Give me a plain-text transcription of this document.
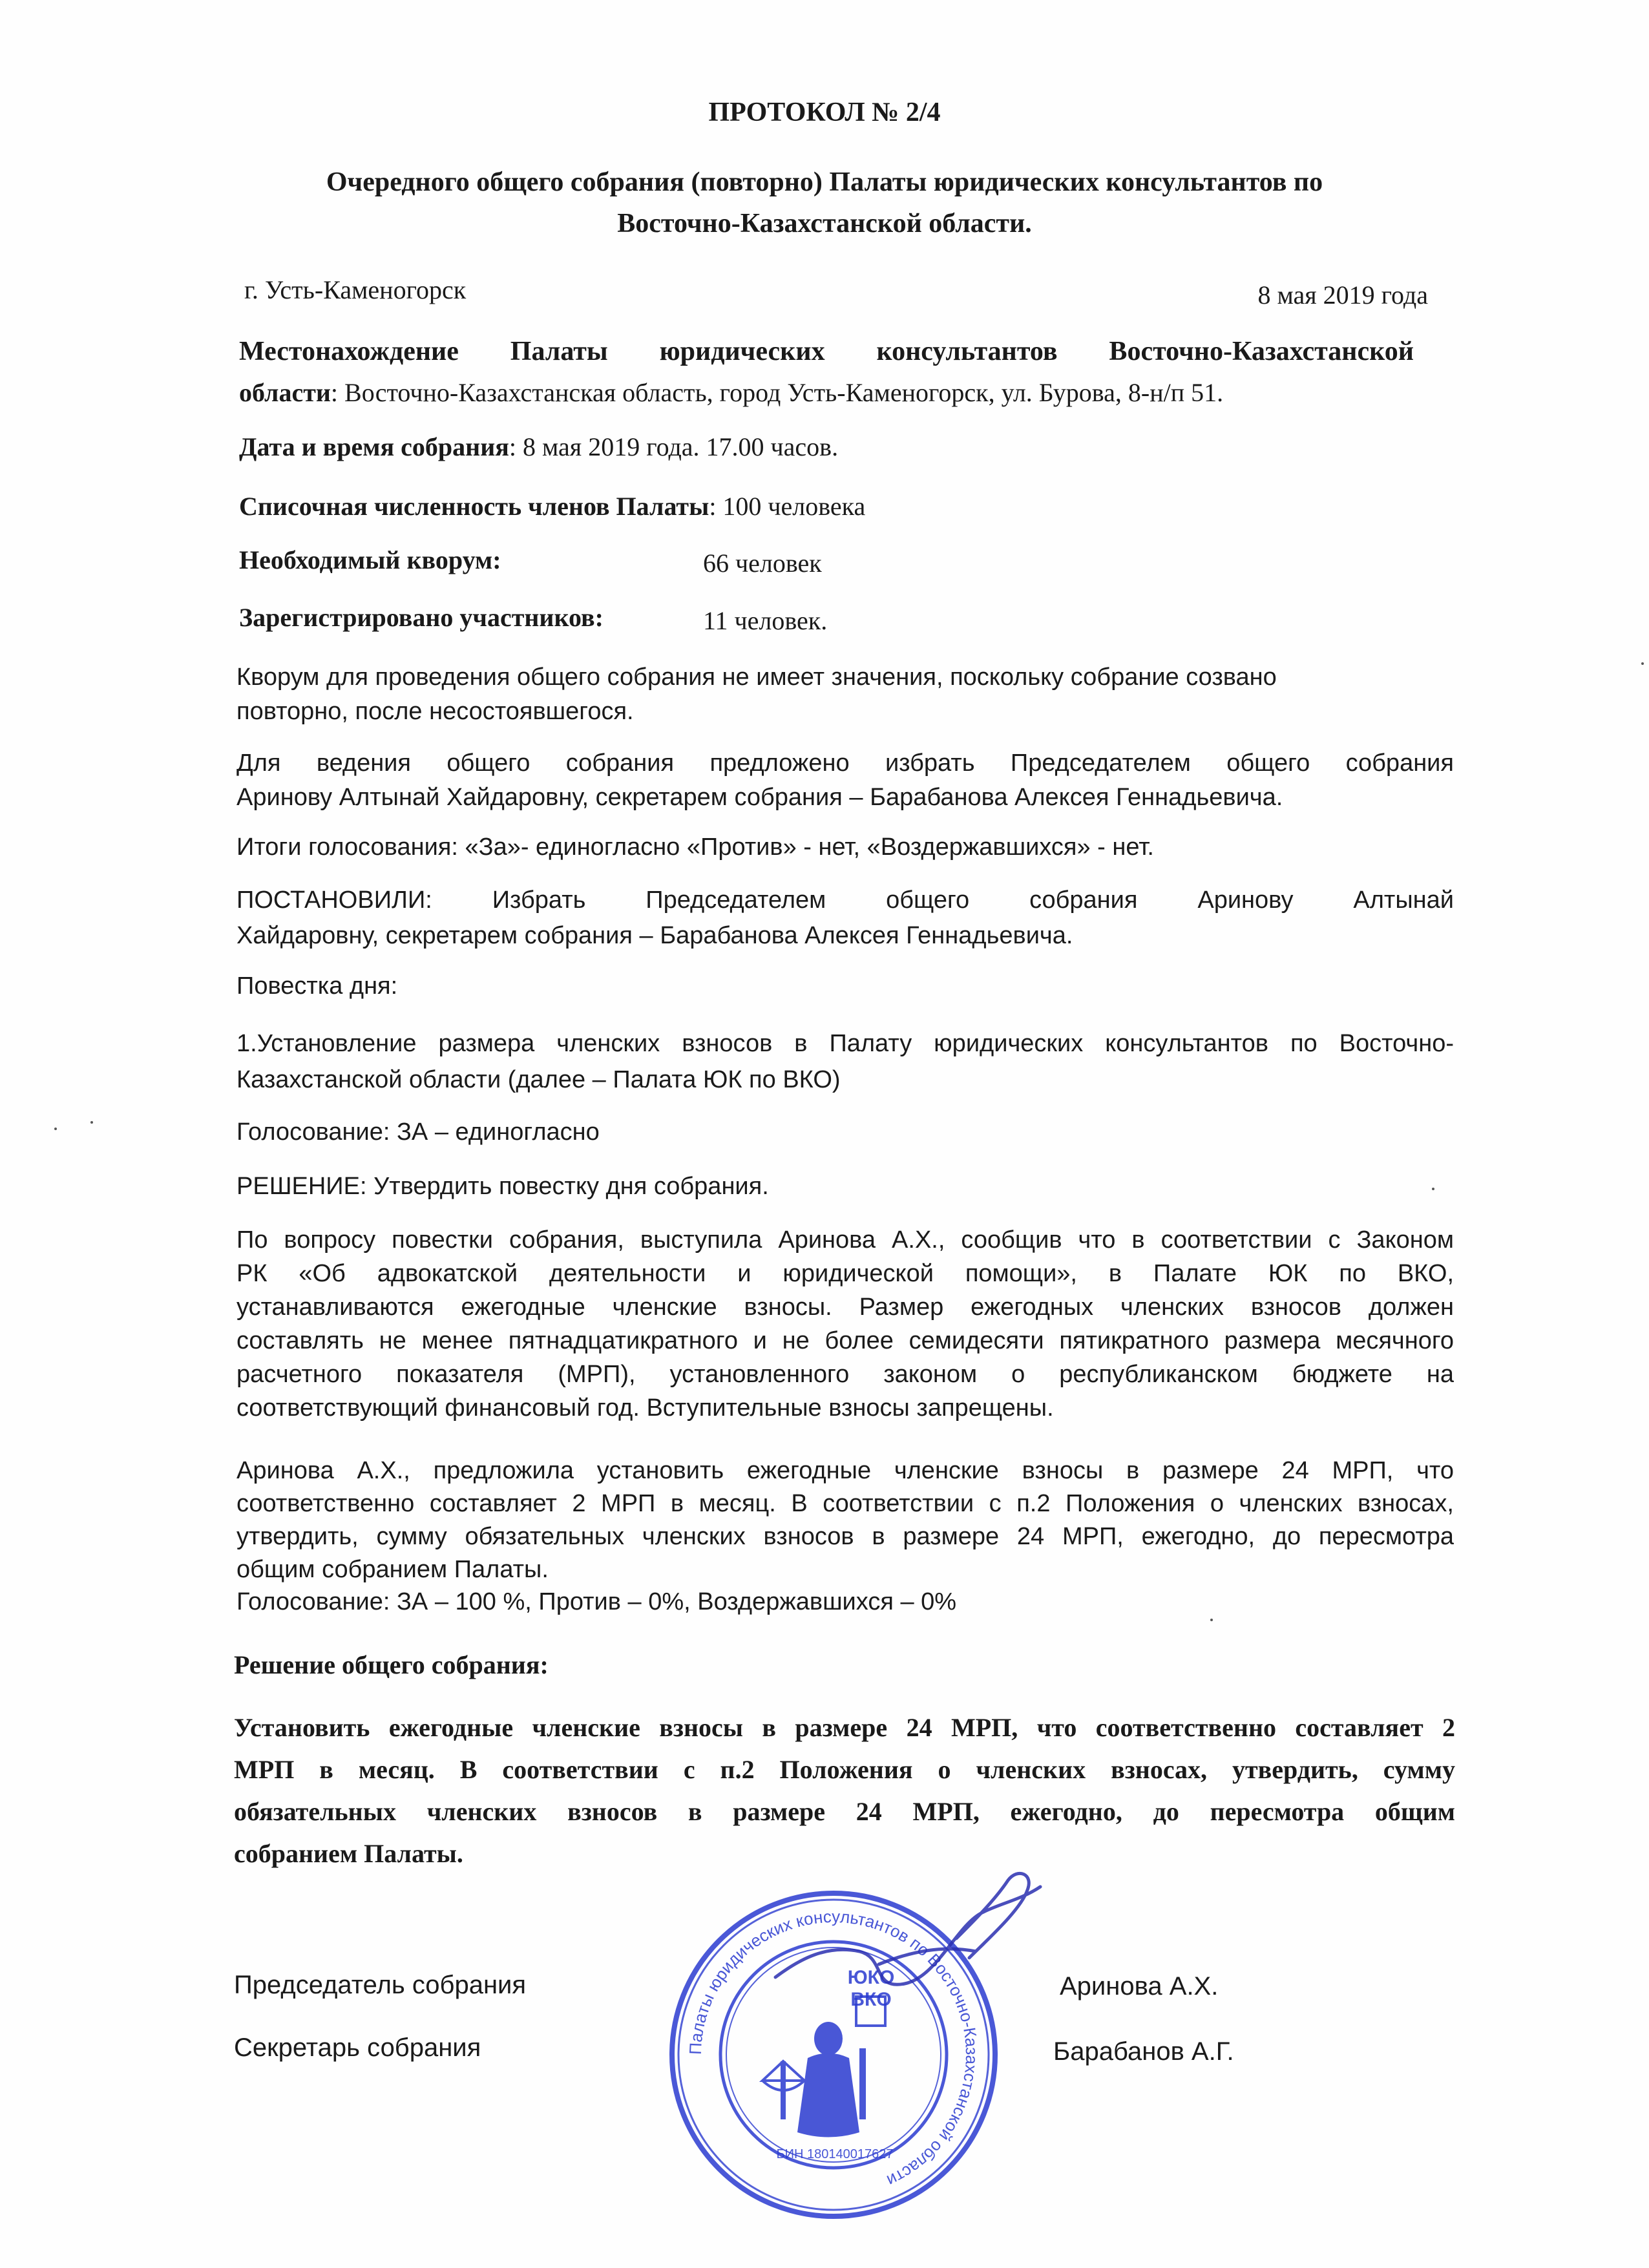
ПРОТОКОЛ № 2/4
Очередного общего собрания (повторно) Палаты юридических консультантов по
Восточно-Казахстанской области.
г. Усть-Каменогорск	8 мая 2019 года
Местонахождение Палаты юридических консультантов Восточно-Казахстанской
области: Восточно-Казахстанская область, город Усть-Каменогорск, ул. Бурова, 8-н/п 51.
Дата и время собрания: 8 мая 2019 года. 17.00 часов.
Списочная численность членов Палаты: 100 человека
Необходимый кворум:	66 человек
Зарегистрировано участников:	11 человек.
Кворум для проведения общего собрания не имеет значения, поскольку собрание созвано
повторно, после несостоявшегося.
Для ведения общего собрания предложено избрать Председателем общего собрания
Аринову Алтынай Хайдаровну, секретарем собрания – Барабанова Алексея Геннадьевича.
Итоги голосования: «За»- единогласно «Против» - нет, «Воздержавшихся» - нет.
ПОСТАНОВИЛИ: Избрать Председателем общего собрания Аринову Алтынай
Хайдаровну, секретарем собрания – Барабанова Алексея Геннадьевича.
Повестка дня:
1.Установление размера членских взносов в Палату юридических консультантов по Восточно-
Казахстанской области (далее – Палата ЮК по ВКО)
Голосование: ЗА – единогласно
РЕШЕНИЕ: Утвердить повестку дня собрания.
По вопросу повестки собрания, выступила Аринова А.Х., сообщив что в соответствии с Законом
РК «Об адвокатской деятельности и юридической помощи», в Палате ЮК по ВКО,
устанавливаются ежегодные членские взносы. Размер ежегодных членских взносов должен
составлять не менее пятнадцатикратного и не более семидесяти пятикратного размера месячного
расчетного показателя (МРП), установленного законом о республиканском бюджете на
соответствующий финансовый год. Вступительные взносы запрещены.
Аринова А.Х., предложила установить ежегодные членские взносы в размере 24 МРП, что
соответственно составляет 2 МРП в месяц. В соответствии с п.2 Положения о членских взносах,
утвердить, сумму обязательных членских взносов в размере 24 МРП, ежегодно, до пересмотра
общим собранием Палаты.
Голосование: ЗА – 100 %, Против – 0%, Воздержавшихся – 0%
Решение общего собрания:
Установить ежегодные членские взносы в размере 24 МРП, что соответственно составляет 2
МРП в месяц. В соответствии с п.2 Положения о членских взносах, утвердить, сумму
обязательных членских взносов в размере 24 МРП, ежегодно, до пересмотра общим
собранием Палаты.
Председатель собрания	Аринова А.Х.
Секретарь собрания	Барабанов А.Г.
Палаты юридических консультантов по Восточно-Казахстанской области
ЮКО
ВКО
БИН 180140017627
